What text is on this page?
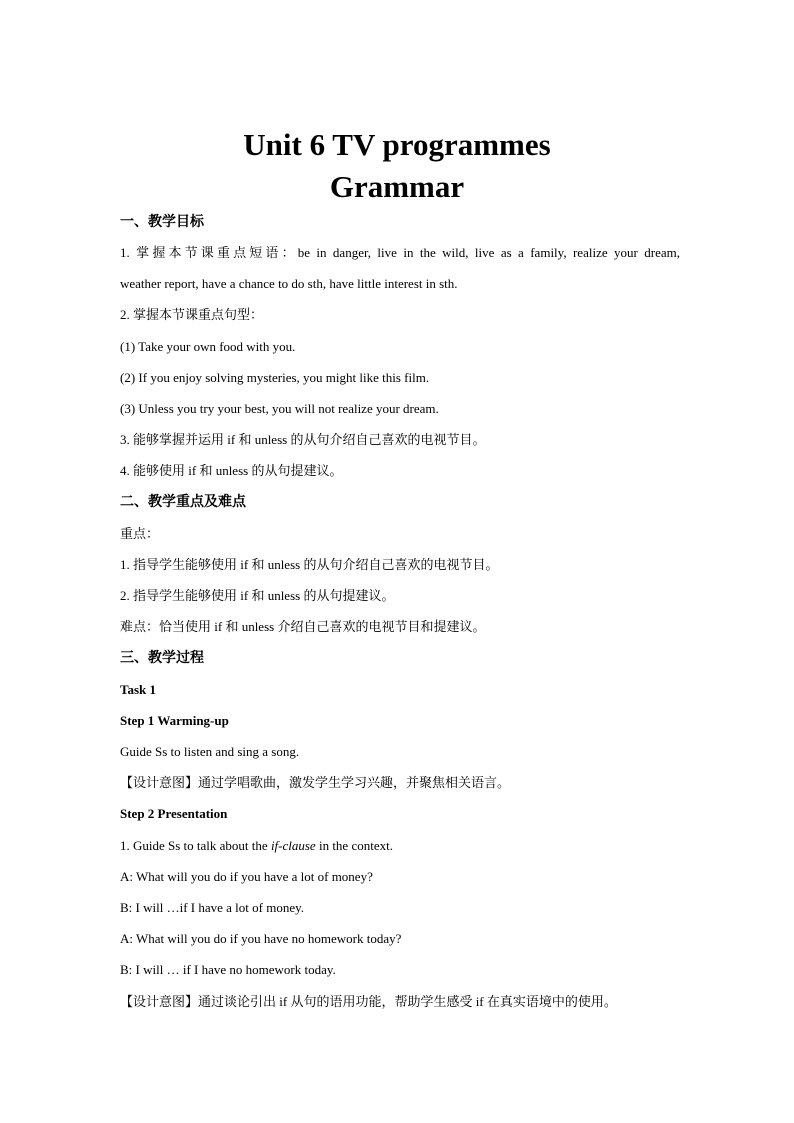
Unit 6 TV programmes
Grammar
一、教学目标
1. 掌握本节课重点短语：be in danger, live in the wild, live as a family, realize your dream,
weather report, have a chance to do sth, have little interest in sth.
2. 掌握本节课重点句型：
(1) Take your own food with you.
(2) If you enjoy solving mysteries, you might like this film.
(3) Unless you try your best, you will not realize your dream.
3. 能够掌握并运用 if 和 unless 的从句介绍自己喜欢的电视节目。
4. 能够使用 if 和 unless 的从句提建议。
二、教学重点及难点
重点：
1. 指导学生能够使用 if 和 unless 的从句介绍自己喜欢的电视节目。
2. 指导学生能够使用 if 和 unless 的从句提建议。
难点：恰当使用 if 和 unless 介绍自己喜欢的电视节目和提建议。
三、教学过程
Task 1
Step 1 Warming-up
Guide Ss to listen and sing a song.
【设计意图】通过学唱歌曲，激发学生学习兴趣，并聚焦相关语言。
Step 2 Presentation
1. Guide Ss to talk about the if-clause in the context.
A: What will you do if you have a lot of money?
B: I will …if I have a lot of money.
A: What will you do if you have no homework today?
B: I will … if I have no homework today.
【设计意图】通过谈论引出 if 从句的语用功能，帮助学生感受 if 在真实语境中的使用。
